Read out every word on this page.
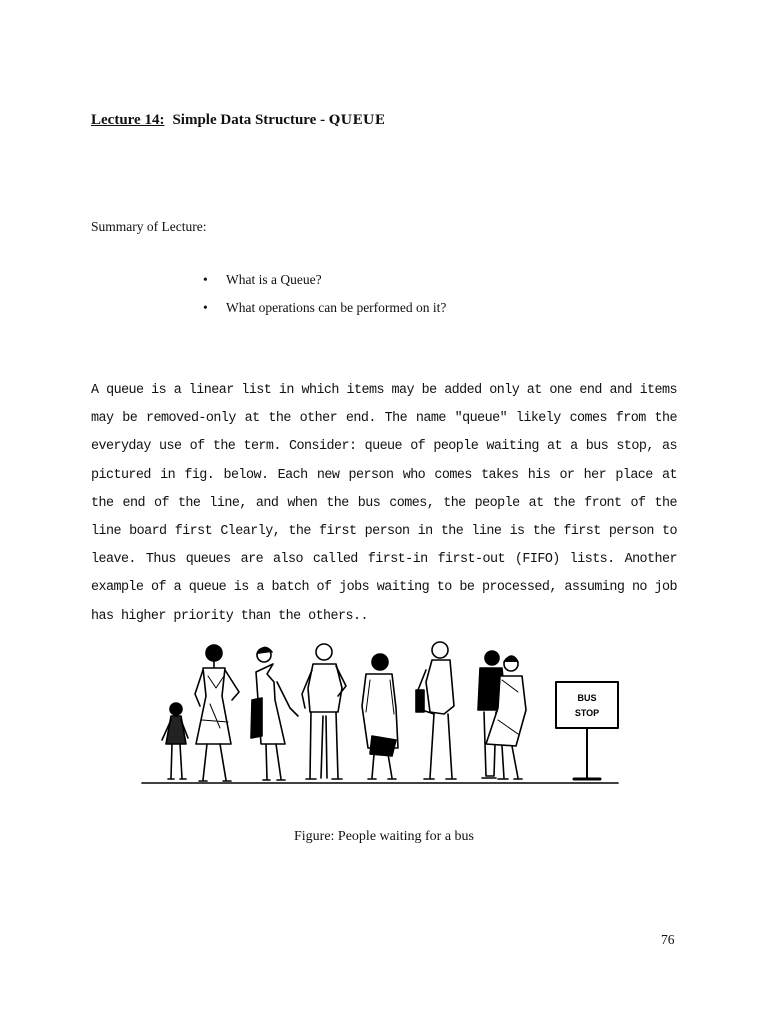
Lecture 14: Simple Data Structure - QUEUE
Summary of Lecture:
• What is a Queue?
• What operations can be performed on it?

A queue is a linear list in which items may be added only at one end and items may be removed-only at the other end. The name "queue" likely comes from the everyday use of the term. Consider: queue of people waiting at a bus stop, as pictured in fig. below. Each new person who comes takes his or her place at the end of the line, and when the bus comes, the people at the front of the line board first Clearly, the first person in the line is the first person to leave. Thus queues are also called first-in first-out (FIFO) lists. Another example of a queue is a batch of jobs waiting to be processed, assuming no job has higher priority than the others..

BUS
STOP
Figure: People waiting for a bus
76
